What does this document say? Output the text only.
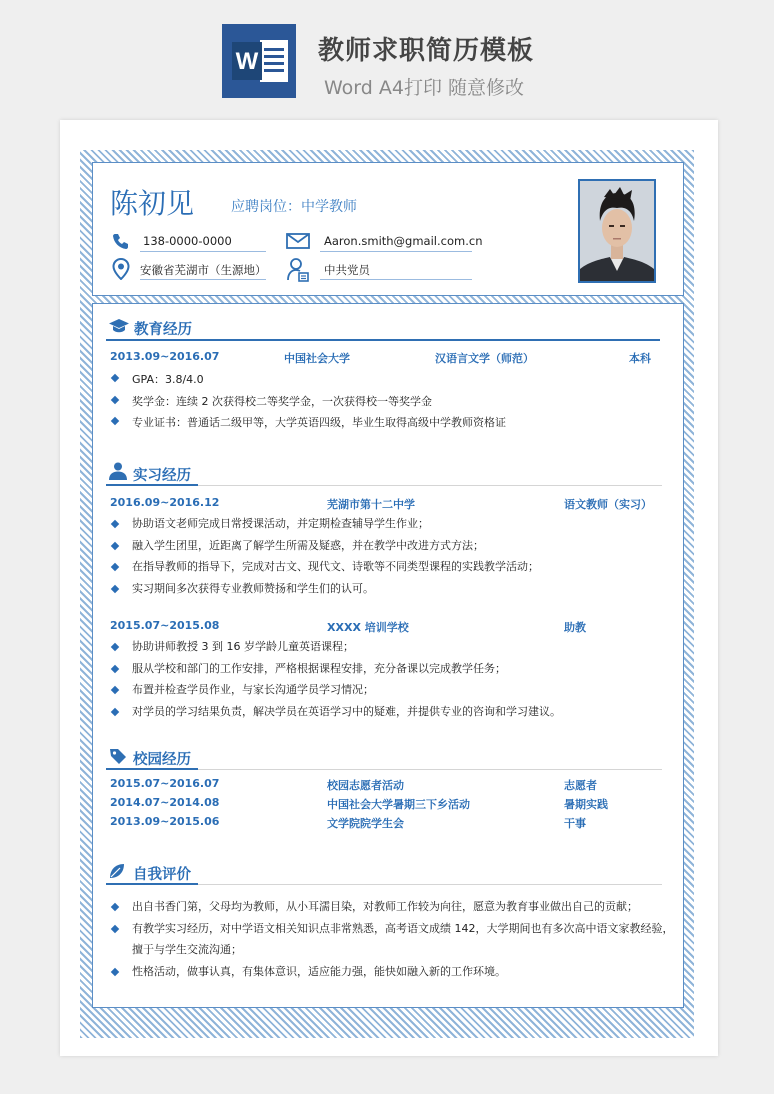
W 教师求职简历模板
Word A4打印 随意修改
陈初见	应聘岗位：中学教师
138-0000-0000	Aaron.smith@gmail.com.cn
安徽省芜湖市（生源地）	中共党员
教育经历
2013.09~2016.07	中国社会大学	汉语言文学（师范）	本科
GPA：3.8/4.0
奖学金：连续 2 次获得校二等奖学金，一次获得校一等奖学金
专业证书：普通话二级甲等，大学英语四级，毕业生取得高级中学教师资格证
实习经历
2016.09~2016.12	芜湖市第十二中学	语文教师（实习）
协助语文老师完成日常授课活动，并定期检查辅导学生作业；
融入学生团里，近距离了解学生所需及疑惑，并在教学中改进方式方法；
在指导教师的指导下，完成对古文、现代文、诗歌等不同类型课程的实践教学活动；
实习期间多次获得专业教师赞扬和学生们的认可。
2015.07~2015.08	XXXX 培训学校	助教
协助讲师教授 3 到 16 岁学龄儿童英语课程；
服从学校和部门的工作安排，严格根据课程安排，充分备课以完成教学任务；
布置并检查学员作业，与家长沟通学员学习情况；
对学员的学习结果负责，解决学员在英语学习中的疑难，并提供专业的咨询和学习建议。
校园经历
2015.07~2016.07	校园志愿者活动	志愿者
2014.07~2014.08	中国社会大学暑期三下乡活动	暑期实践
2013.09~2015.06	文学院院学生会	干事
自我评价
出自书香门第，父母均为教师，从小耳濡目染，对教师工作较为向往，愿意为教育事业做出自己的贡献；
有教学实习经历，对中学语文相关知识点非常熟悉，高考语文成绩 142，大学期间也有多次高中语文家教经验，
擅于与学生交流沟通；
性格活动，做事认真，有集体意识，适应能力强，能快如融入新的工作环境。
